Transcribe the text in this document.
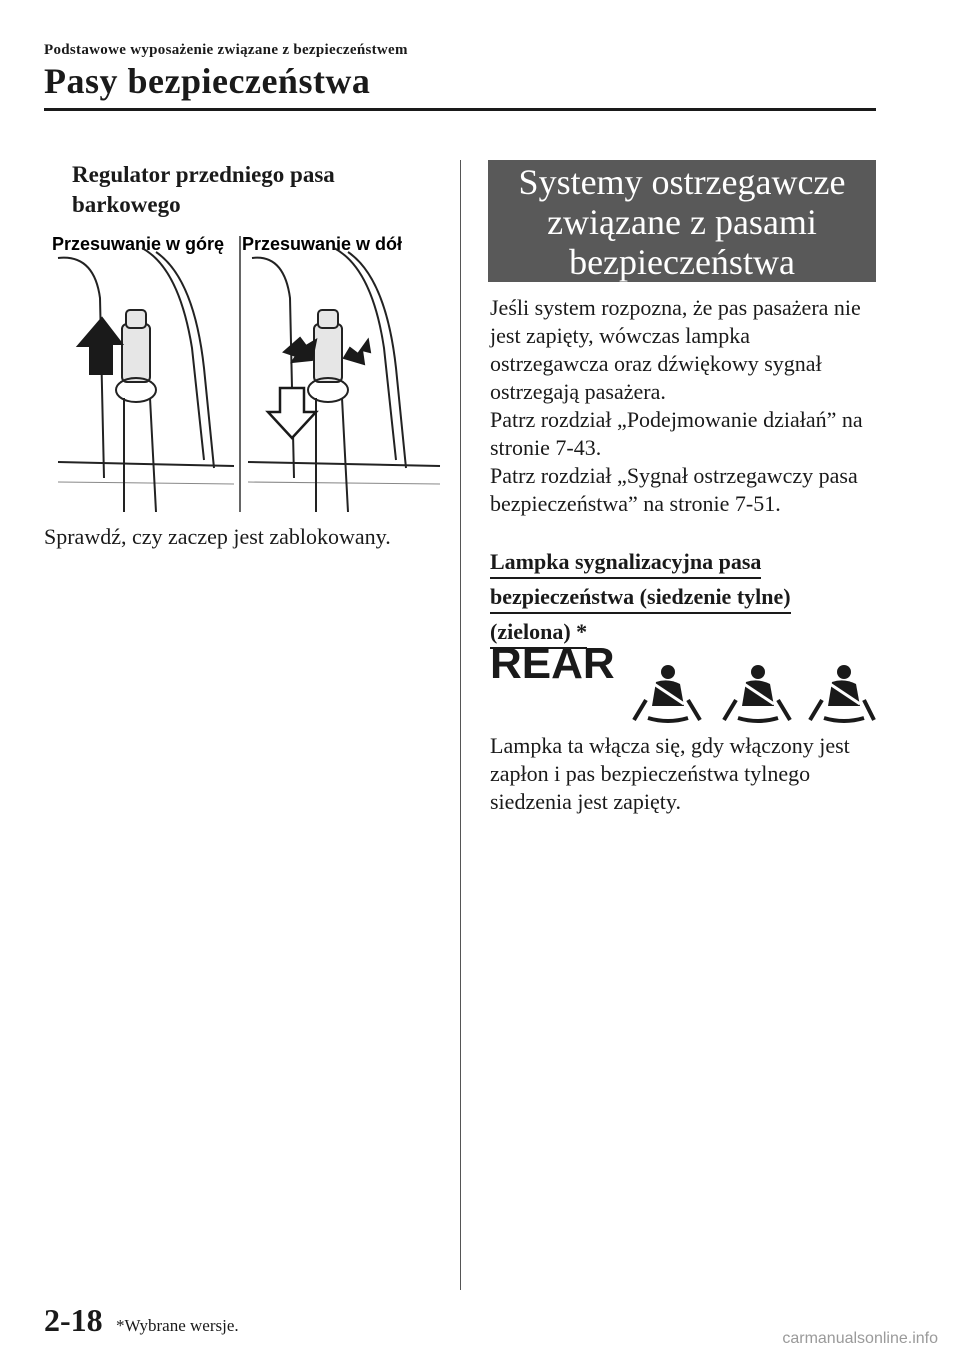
Podstawowe wyposażenie związane z bezpieczeństwem
Pasy bezpieczeństwa
Regulator przedniego pasa
barkowego
Przesuwanie w górę Przesuwanie w dół
Sprawdź, czy zaczep jest zablokowany.
Systemy ostrzegawcze
związane z pasami
bezpieczeństwa
Jeśli system rozpozna, że pas pasażera nie
jest zapięty, wówczas lampka
ostrzegawcza oraz dźwiękowy sygnał
ostrzegają pasażera.
Patrz rozdział „Podejmowanie działań” na
stronie 7-43.
Patrz rozdział „Sygnał ostrzegawczy pasa
bezpieczeństwa” na stronie 7-51.
Lampka sygnalizacyjna pasa
bezpieczeństwa (siedzenie tylne)
(zielona) *
REAR
Lampka ta włącza się, gdy włączony jest
zapłon i pas bezpieczeństwa tylnego
siedzenia jest zapięty.
2-18 *Wybrane wersje.
carmanualsonline.info
